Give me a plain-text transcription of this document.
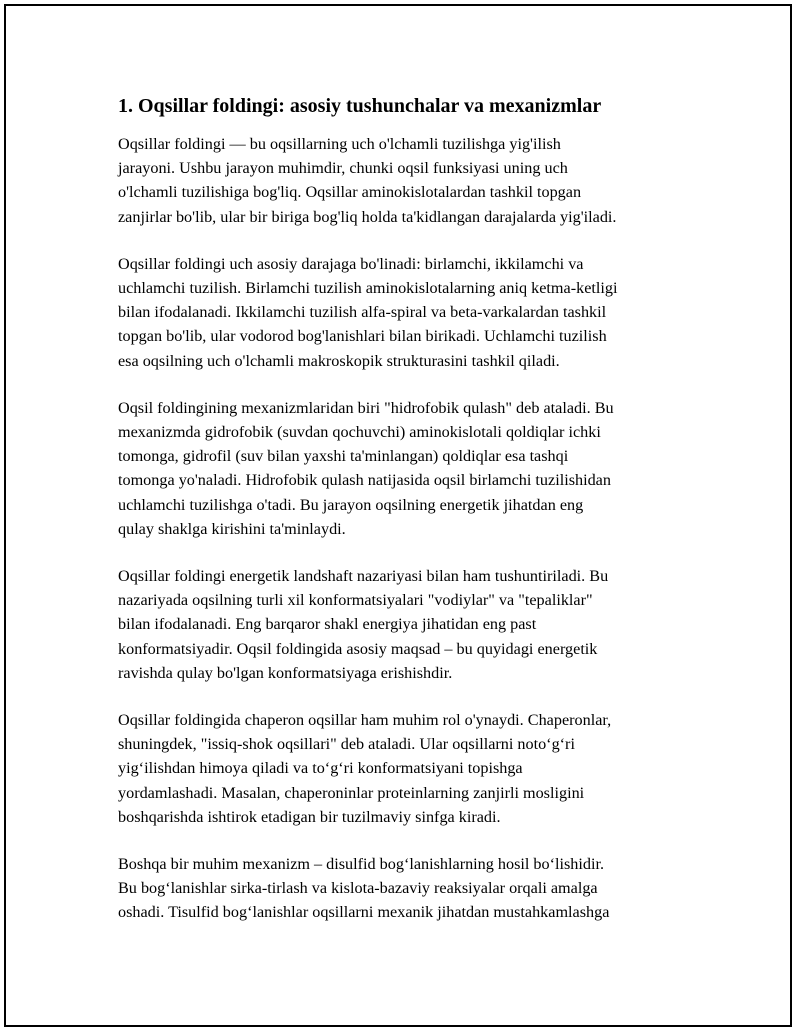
1. Oqsillar foldingi: asosiy tushunchalar va mexanizmlar

Oqsillar foldingi — bu oqsillarning uch o'lchamli tuzilishga yig'ilish
jarayoni. Ushbu jarayon muhimdir, chunki oqsil funksiyasi uning uch
o'lchamli tuzilishiga bog'liq. Oqsillar aminokislotalardan tashkil topgan
zanjirlar bo'lib, ular bir biriga bog'liq holda ta'kidlangan darajalarda yig'iladi.

Oqsillar foldingi uch asosiy darajaga bo'linadi: birlamchi, ikkilamchi va
uchlamchi tuzilish. Birlamchi tuzilish aminokislotalarning aniq ketma-ketligi
bilan ifodalanadi. Ikkilamchi tuzilish alfa-spiral va beta-varkalardan tashkil
topgan bo'lib, ular vodorod bog'lanishlari bilan birikadi. Uchlamchi tuzilish
esa oqsilning uch o'lchamli makroskopik strukturasini tashkil qiladi.

Oqsil foldingining mexanizmlaridan biri "hidrofobik qulash" deb ataladi. Bu
mexanizmda gidrofobik (suvdan qochuvchi) aminokislotali qoldiqlar ichki
tomonga, gidrofil (suv bilan yaxshi ta'minlangan) qoldiqlar esa tashqi
tomonga yo'naladi. Hidrofobik qulash natijasida oqsil birlamchi tuzilishidan
uchlamchi tuzilishga o'tadi. Bu jarayon oqsilning energetik jihatdan eng
qulay shaklga kirishini ta'minlaydi.

Oqsillar foldingi energetik landshaft nazariyasi bilan ham tushuntiriladi. Bu
nazariyada oqsilning turli xil konformatsiyalari "vodiylar" va "tepaliklar"
bilan ifodalanadi. Eng barqaror shakl energiya jihatidan eng past
konformatsiyadir. Oqsil foldingida asosiy maqsad – bu quyidagi energetik
ravishda qulay bo'lgan konformatsiyaga erishishdir.

Oqsillar foldingida chaperon oqsillar ham muhim rol o'ynaydi. Chaperonlar,
shuningdek, "issiq-shok oqsillari" deb ataladi. Ular oqsillarni noto‘g‘ri
yig‘ilishdan himoya qiladi va to‘g‘ri konformatsiyani topishga
yordamlashadi. Masalan, chaperoninlar proteinlarning zanjirli mosligini
boshqarishda ishtirok etadigan bir tuzilmaviy sinfga kiradi.

Boshqa bir muhim mexanizm – disulfid bog‘lanishlarning hosil bo‘lishidir.
Bu bog‘lanishlar sirka-tirlash va kislota-bazaviy reaksiyalar orqali amalga
oshadi. Tisulfid bog‘lanishlar oqsillarni mexanik jihatdan mustahkamlashga
